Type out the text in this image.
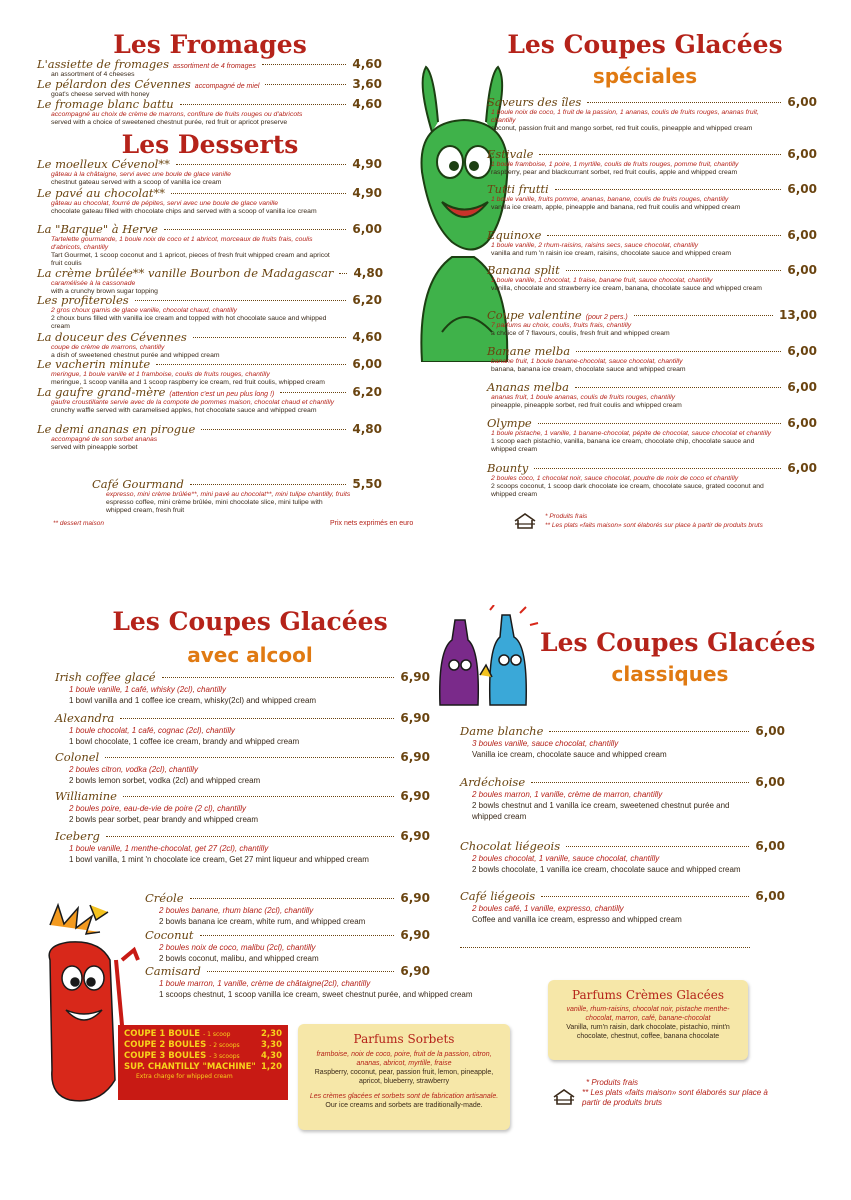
Les Fromages
L'assiette de fromages assortiment de 4 fromages	4,60
an assortment of 4 cheeses
Le pélardon des Cévennes accompagné de miel	3,60
goat's cheese served with honey
Le fromage blanc battu	4,60
accompagné au choix de crème de marrons, confiture de fruits rouges ou d'abricots
served with a choice of sweetened chestnut purée, red fruit or apricot preserve
Les Desserts
Le moelleux Cévenol**	4,90
gâteau à la châtaigne, servi avec une boule de glace vanille
chestnut gateau served with a scoop of vanilla ice cream
Le pavé au chocolat**	4,90
gâteau au chocolat, fourré de pépites, servi avec une boule de glace vanille
chocolate gateau filled with chocolate chips and served with a scoop of vanilla ice cream
La "Barque" à Herve	6,00
Tartelette gourmande, 1 boule noix de coco et 1 abricot, morceaux de fruits frais, coulis d'abricots, chantilly
Tart Gourmet, 1 scoop coconut and 1 apricot, pieces of fresh fruit whipped cream and apricot fruit coulis
La crème brûlée** vanille Bourbon de Madagascar 4,80
caramélisée à la cassonade
with a crunchy brown sugar topping
Les profiteroles	6,20
2 gros choux garnis de glace vanille, chocolat chaud, chantilly
2 choux buns filled with vanilla ice cream and topped with hot chocolate sauce and whipped cream
La douceur des Cévennes	4,60
coupe de crème de marrons, chantilly
a dish of sweetened chestnut purée and whipped cream
Le vacherin minute	6,00
meringue, 1 boule vanille et 1 framboise, coulis de fruits rouges, chantilly
meringue, 1 scoop vanilla and 1 scoop raspberry ice cream, red fruit coulis, whipped cream
La gaufre grand-mère (attention c'est un peu plus long !)	6,20
gaufre croustillante servie avec de la compote de pommes maison, chocolat chaud et chantilly
crunchy waffle served with caramelised apples, hot chocolate sauce and whipped cream
Le demi ananas en pirogue	4,80
accompagné de son sorbet ananas
served with pineapple sorbet
Café Gourmand	5,50
expresso, mini crème brûlée**, mini pavé au chocolat**, mini tulipe chantilly, fruits
espresso coffee, mini crème brûlée, mini chocolate slice, mini tulipe with whipped cream, fresh fruit
** dessert maison	Prix nets exprimés en euro
Les Coupes Glacées
spéciales
Saveurs des îles	6,00
1 boule noix de coco, 1 fruit de la passion, 1 ananas, coulis de fruits rouges, ananas fruit, chantilly
coconut, passion fruit and mango sorbet, red fruit coulis, pineapple and whipped cream
Estivale	6,00
1 boule framboise, 1 poire, 1 myrtille, coulis de fruits rouges, pomme fruit, chantilly
raspberry, pear and blackcurrant sorbet, red fruit coulis, apple and whipped cream
Tutti frutti	6,00
1 boule vanille, fruits pomme, ananas, banane, coulis de fruits rouges, chantilly
vanilla ice cream, apple, pineapple and banana, red fruit coulis and whipped cream
Equinoxe	6,00
1 boule vanille, 2 rhum-raisins, raisins secs, sauce chocolat, chantilly
vanilla and rum 'n raisin ice cream, raisins, chocolate sauce and whipped cream
Banana split	6,00
1 boule vanille, 1 chocolat, 1 fraise, banane fruit, sauce chocolat, chantilly
vanilla, chocolate and strawberry ice cream, banana, chocolate sauce and whipped cream
Coupe valentine (pour 2 pers.)	13,00
7 parfums au choix, coulis, fruits frais, chantilly
a choice of 7 flavours, coulis, fresh fruit and whipped cream
Banane melba	6,00
banane fruit, 1 boule banane-chocolat, sauce chocolat, chantilly
banana, banana ice cream, chocolate sauce and whipped cream
Ananas melba	6,00
ananas fruit, 1 boule ananas, coulis de fruits rouges, chantilly
pineapple, pineapple sorbet, red fruit coulis and whipped cream
Olympe	6,00
1 boule pistache, 1 vanille, 1 banane-chocolat, pépite de chocolat, sauce chocolat et chantilly
1 scoop each pistachio, vanilla, banana ice cream, chocolate chip, chocolate sauce and whipped cream
Bounty	6,00
2 boules coco, 1 chocolat noir, sauce chocolat, poudre de noix de coco et chantilly
2 scoops coconut, 1 scoop dark chocolate ice cream, chocolate sauce, grated coconut and whipped cream
* Produits frais
** Les plats «faits maison» sont élaborés sur place à partir de produits bruts
Les Coupes Glacées
avec alcool
Irish coffee glacé	6,90
1 boule vanille, 1 café, whisky (2cl), chantilly
1 bowl vanilla and 1 coffee ice cream, whisky(2cl) and whipped cream
Alexandra	6,90
1 boule chocolat, 1 café, cognac (2cl), chantilly
1 bowl chocolate, 1 coffee ice cream, brandy and whipped cream
Colonel	6,90
2 boules citron, vodka (2cl), chantilly
2 bowls lemon sorbet, vodka (2cl) and whipped cream
Williamine	6,90
2 boules poire, eau-de-vie de poire (2 cl), chantilly
2 bowls pear sorbet, pear brandy and whipped cream
Iceberg	6,90
1 boule vanille, 1 menthe-chocolat, get 27 (2cl), chantilly
1 bowl vanilla, 1 mint 'n chocolate ice cream, Get 27 mint liqueur and whipped cream
Créole	6,90
2 boules banane, rhum blanc (2cl), chantilly
2 bowls banana ice cream, white rum, and whipped cream
Coconut	6,90
2 boules noix de coco, malibu (2cl), chantilly
2 bowls coconut, malibu, and whipped cream
Camisard	6,90
1 boule marron, 1 vanille, crème de châtaigne(2cl), chantilly
1 scoops chestnut, 1 scoop vanilla ice cream, sweet chestnut purée, and whipped cream
COUPE 1 BOULE - 1 scoop	2,30
COUPE 2 BOULES - 2 scoops	3,30
COUPE 3 BOULES - 3 scoops	4,30
SUP. CHANTILLY "MACHINE" 1,20
Extra charge for whipped cream
Parfums Sorbets
framboise, noix de coco, poire, fruit de la passion, citron, ananas, abricot, myrtille, fraise
Raspberry, coconut, pear, passion fruit, lemon, pineapple, apricot, blueberry, strawberry
Les crèmes glacées et sorbets sont de fabrication artisanale.
Our ice creams and sorbets are traditionally-made.
Les Coupes Glacées
classiques
Dame blanche	6,00
3 boules vanille, sauce chocolat, chantilly
Vanilla ice cream, chocolate sauce and whipped cream
Ardéchoise	6,00
2 boules marron, 1 vanille, crème de marron, chantilly
2 bowls chestnut and 1 vanilla ice cream, sweetened chestnut purée and whipped cream
Chocolat liégeois	6,00
2 boules chocolat, 1 vanille, sauce chocolat, chantilly
2 bowls chocolate, 1 vanilla ice cream, chocolate sauce and whipped cream
Café liégeois	6,00
2 boules café, 1 vanille, expresso, chantilly
Coffee and vanilla ice cream, espresso and whipped cream
Parfums Crèmes Glacées
vanille, rhum-raisins, chocolat noir, pistache menthe-chocolat, marron, café, banane-chocolat
Vanilla, rum'n raisin, dark chocolate, pistachio, mint'n chocolate, chestnut, coffee, banana chocolate
* Produits frais
** Les plats «faits maison» sont élaborés sur place à partir de produits bruts
